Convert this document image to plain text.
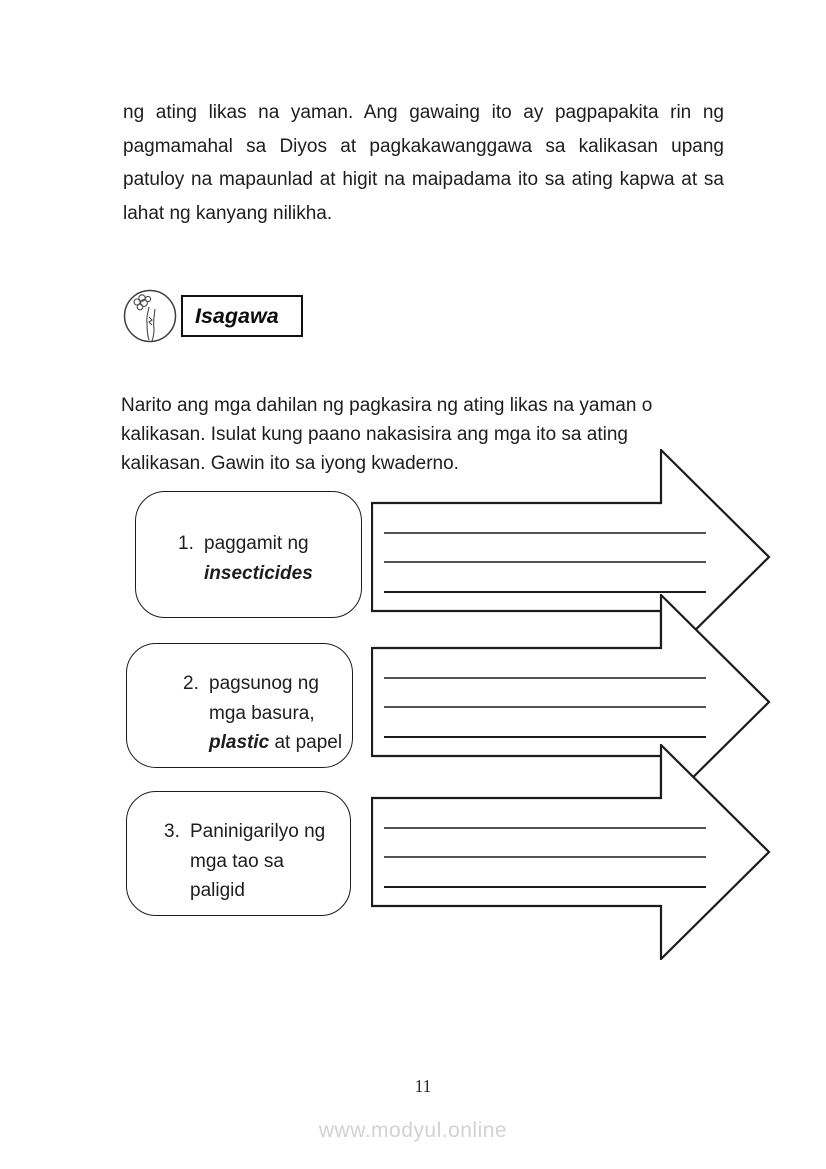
ng ating likas na yaman. Ang gawaing ito ay pagpapakita rin ng
pagmamahal sa Diyos at pagkakawanggawa sa kalikasan upang
patuloy na mapaunlad at higit na maipadama ito sa ating kapwa at sa
lahat ng kanyang nilikha.
Isagawa
Narito ang mga dahilan ng pagkasira ng ating likas na yaman o
kalikasan. Isulat kung paano nakasisira ang mga ito sa ating
kalikasan. Gawin ito sa iyong kwaderno.
1. paggamit ng
insecticides
2. pagsunog ng
mga basura,
plastic at papel
3. Paninigarilyo ng
mga tao sa
paligid
11
www.modyul.online
